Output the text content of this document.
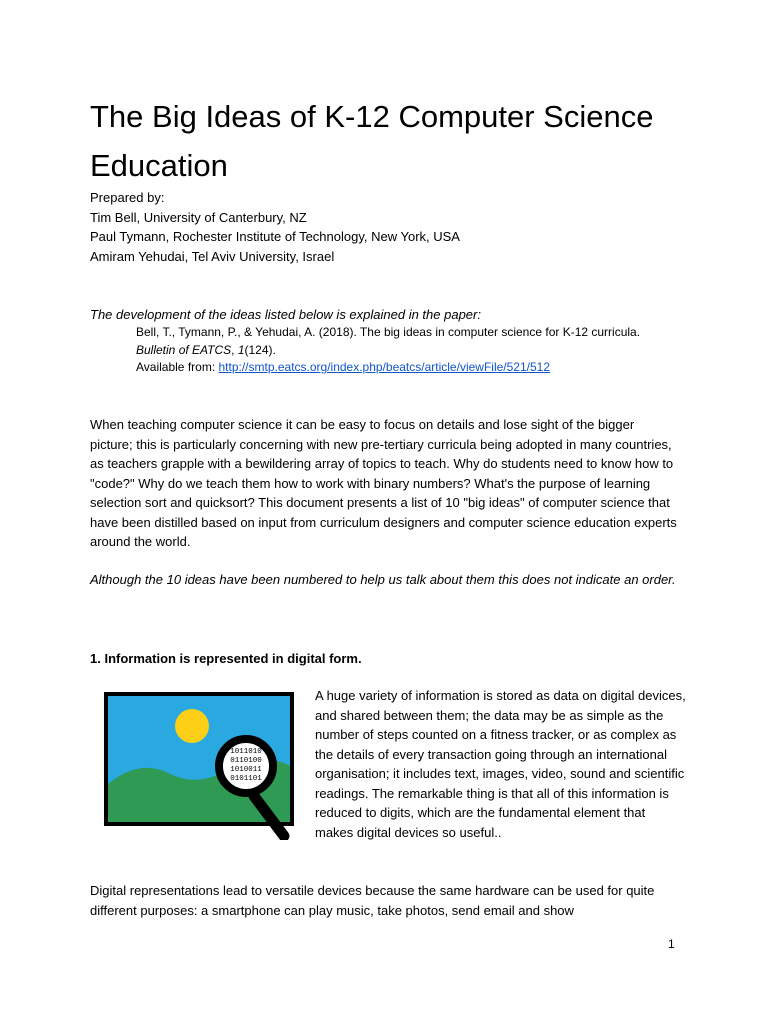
The Big Ideas of K-12 Computer Science Education
Prepared by:
Tim Bell, University of Canterbury, NZ
Paul Tymann, Rochester Institute of Technology, New York, USA
Amiram Yehudai, Tel Aviv University, Israel
The development of the ideas listed below is explained in the paper:
Bell, T., Tymann, P., & Yehudai, A. (2018). The big ideas in computer science for K-12 curricula.
Bulletin of EATCS, 1(124).
Available from: http://smtp.eatcs.org/index.php/beatcs/article/viewFile/521/512
When teaching computer science it can be easy to focus on details and lose sight of the bigger picture; this is particularly concerning with new pre-tertiary curricula being adopted in many countries, as teachers grapple with a bewildering array of topics to teach. Why do students need to know how to "code?" Why do we teach them how to work with binary numbers? What's the purpose of learning selection sort and quicksort? This document presents a list of 10 "big ideas" of computer science that have been distilled based on input from curriculum designers and computer science education experts around the world.
Although the 10 ideas have been numbered to help us talk about them this does not indicate an order.
1. Information is represented in digital form.
1011010
0110100
1010011
0101101
A huge variety of information is stored as data on digital devices, and shared between them; the data may be as simple as the number of steps counted on a fitness tracker, or as complex as the details of every transaction going through an international organisation; it includes text, images, video, sound and scientific readings. The remarkable thing is that all of this information is reduced to digits, which are the fundamental element that makes digital devices so useful..
Digital representations lead to versatile devices because the same hardware can be used for quite different purposes: a smartphone can play music, take photos, send email and show
1
